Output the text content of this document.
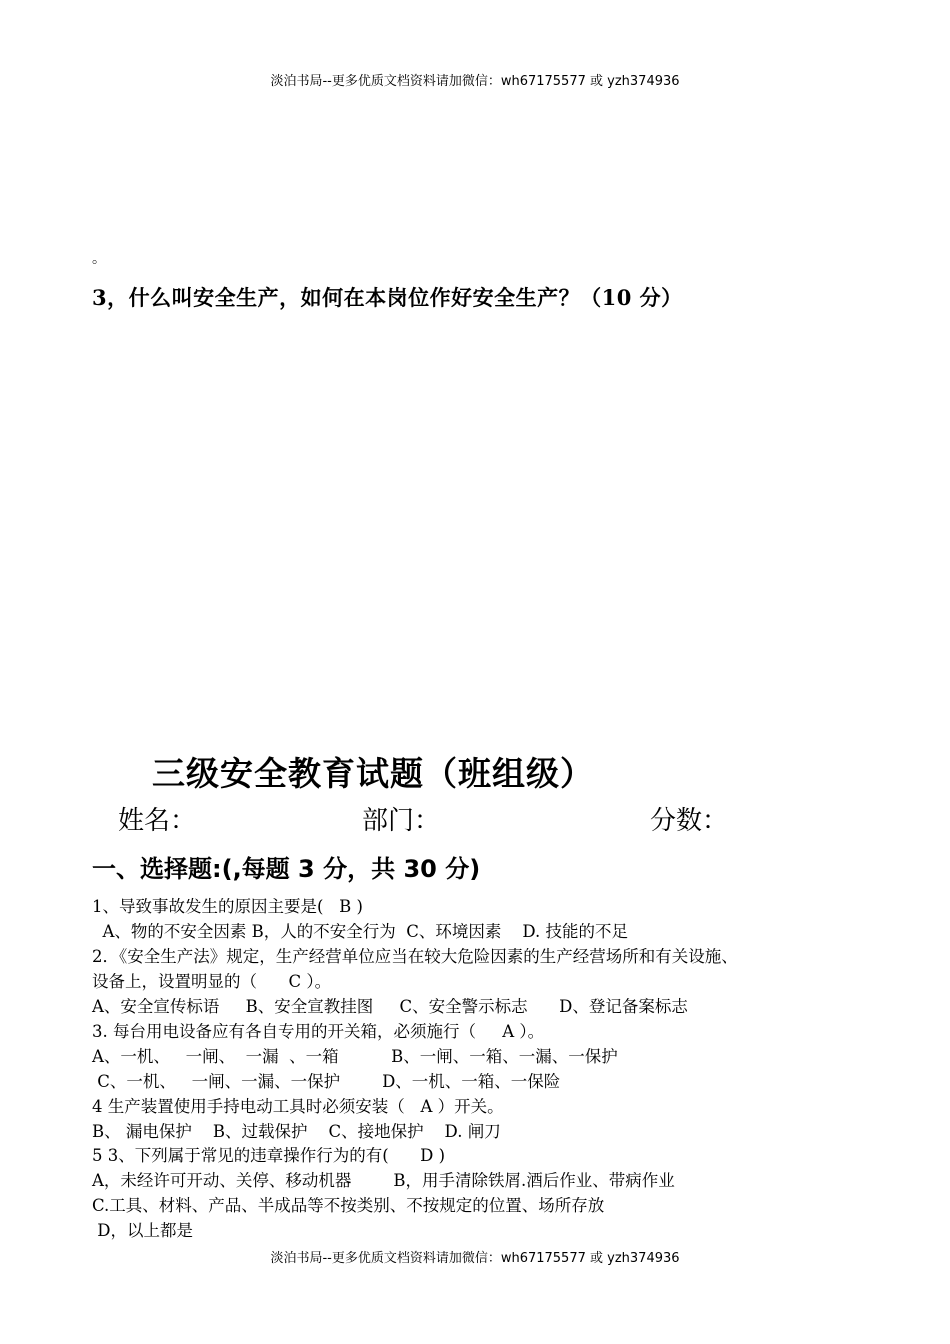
淡泊书局--更多优质文档资料请加微信：wh67175577 或 yzh374936
。
3，什么叫安全生产，如何在本岗位作好安全生产？（10 分）
三级安全教育试题（班组级）
姓名：	部门：	分数：
一、选择题:(,每题 3 分，共 30 分)
1、导致事故发生的原因主要是(   B )
A、物的不安全因素 B，人的不安全行为  C、环境因素    D. 技能的不足
2．《安全生产法》规定，生产经营单位应当在较大危险因素的生产经营场所和有关设施、
设备上，设置明显的（      C ）。
A、安全宣传标语     B、安全宣教挂图     C、安全警示标志      D、登记备案标志
3. 每台用电设备应有各自专用的开关箱，必须施行（     A ）。
A、一机、   一闸、  一漏  、一箱          B、一闸、一箱、一漏、一保护
C、一机、   一闸、一漏、一保护        D、一机、一箱、一保险
4 生产装置使用手持电动工具时必须安装（   A ）开关。
B、 漏电保护    B、过载保护    C、接地保护    D. 闸刀
5 3、下列属于常见的违章操作行为的有(      D )
A，未经许可开动、关停、移动机器        B，用手清除铁屑.酒后作业、带病作业
C.工具、材料、产品、半成品等不按类别、不按规定的位置、场所存放
D，以上都是
淡泊书局--更多优质文档资料请加微信：wh67175577 或 yzh374936
